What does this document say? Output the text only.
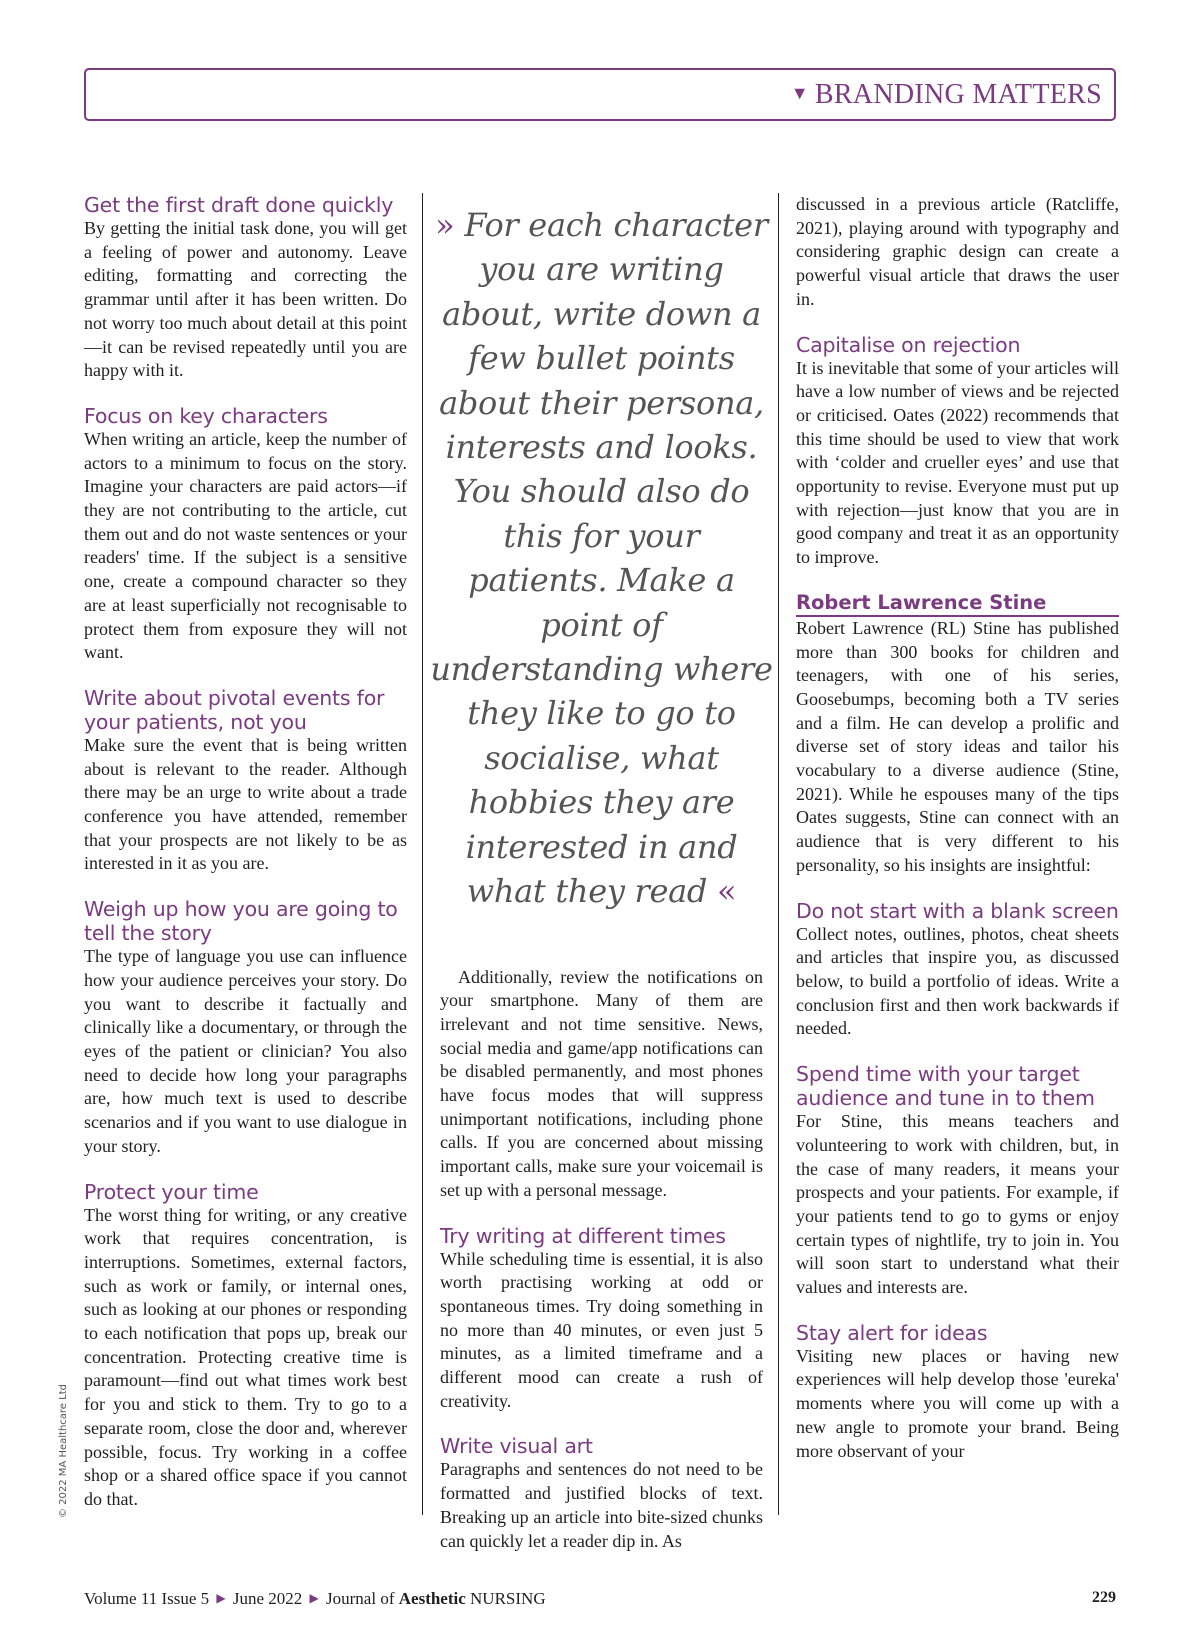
▼ BRANDING MATTERS
Get the first draft done quickly

By getting the initial task done, you will get a feeling of power and autonomy. Leave editing, formatting and correcting the grammar until after it has been written. Do not worry too much about detail at this point—it can be revised repeatedly until you are happy with it.

Focus on key characters

When writing an article, keep the number of actors to a minimum to focus on the story. Imagine your characters are paid actors—if they are not contributing to the article, cut them out and do not waste sentences or your readers' time. If the subject is a sensitive one, create a compound character so they are at least superficially not recognisable to protect them from exposure they will not want.

Write about pivotal events for your patients, not you

Make sure the event that is being written about is relevant to the reader. Although there may be an urge to write about a trade conference you have attended, remember that your prospects are not likely to be as interested in it as you are.

Weigh up how you are going to tell the story

The type of language you use can influence how your audience perceives your story. Do you want to describe it factually and clinically like a documentary, or through the eyes of the patient or clinician? You also need to decide how long your paragraphs are, how much text is used to describe scenarios and if you want to use dialogue in your story.

Protect your time

The worst thing for writing, or any creative work that requires concentration, is interruptions. Sometimes, external factors, such as work or family, or internal ones, such as looking at our phones or responding to each notification that pops up, break our concentration. Protecting creative time is paramount—find out what times work best for you and stick to them. Try to go to a separate room, close the door and, wherever possible, focus. Try working in a coffee shop or a shared office space if you cannot do that.

» For each character you are writing about, write down a few bullet points about their persona, interests and looks. You should also do this for your patients. Make a point of understanding where they like to go to socialise, what hobbies they are interested in and what they read «

Additionally, review the notifications on your smartphone. Many of them are irrelevant and not time sensitive. News, social media and game/app notifications can be disabled permanently, and most phones have focus modes that will suppress unimportant notifications, including phone calls. If you are concerned about missing important calls, make sure your voicemail is set up with a personal message.

Try writing at different times

While scheduling time is essential, it is also worth practising working at odd or spontaneous times. Try doing something in no more than 40 minutes, or even just 5 minutes, as a limited timeframe and a different mood can create a rush of creativity.

Write visual art

Paragraphs and sentences do not need to be formatted and justified blocks of text. Breaking up an article into bite-sized chunks can quickly let a reader dip in. As

discussed in a previous article (Ratcliffe, 2021), playing around with typography and considering graphic design can create a powerful visual article that draws the user in.

Capitalise on rejection

It is inevitable that some of your articles will have a low number of views and be rejected or criticised. Oates (2022) recommends that this time should be used to view that work with ‘colder and crueller eyes’ and use that opportunity to revise. Everyone must put up with rejection—just know that you are in good company and treat it as an opportunity to improve.

Robert Lawrence Stine

Robert Lawrence (RL) Stine has published more than 300 books for children and teenagers, with one of his series, Goosebumps, becoming both a TV series and a film. He can develop a prolific and diverse set of story ideas and tailor his vocabulary to a diverse audience (Stine, 2021). While he espouses many of the tips Oates suggests, Stine can connect with an audience that is very different to his personality, so his insights are insightful:

Do not start with a blank screen

Collect notes, outlines, photos, cheat sheets and articles that inspire you, as discussed below, to build a portfolio of ideas. Write a conclusion first and then work backwards if needed.

Spend time with your target audience and tune in to them

For Stine, this means teachers and volunteering to work with children, but, in the case of many readers, it means your prospects and your patients. For example, if your patients tend to go to gyms or enjoy certain types of nightlife, try to join in. You will soon start to understand what their values and interests are.

Stay alert for ideas

Visiting new places or having new experiences will help develop those 'eureka' moments where you will come up with a new angle to promote your brand. Being more observant of your

© 2022 MA Healthcare Ltd
Volume 11 Issue 5 ▶ June 2022 ▶ Journal of Aesthetic NURSING	229
